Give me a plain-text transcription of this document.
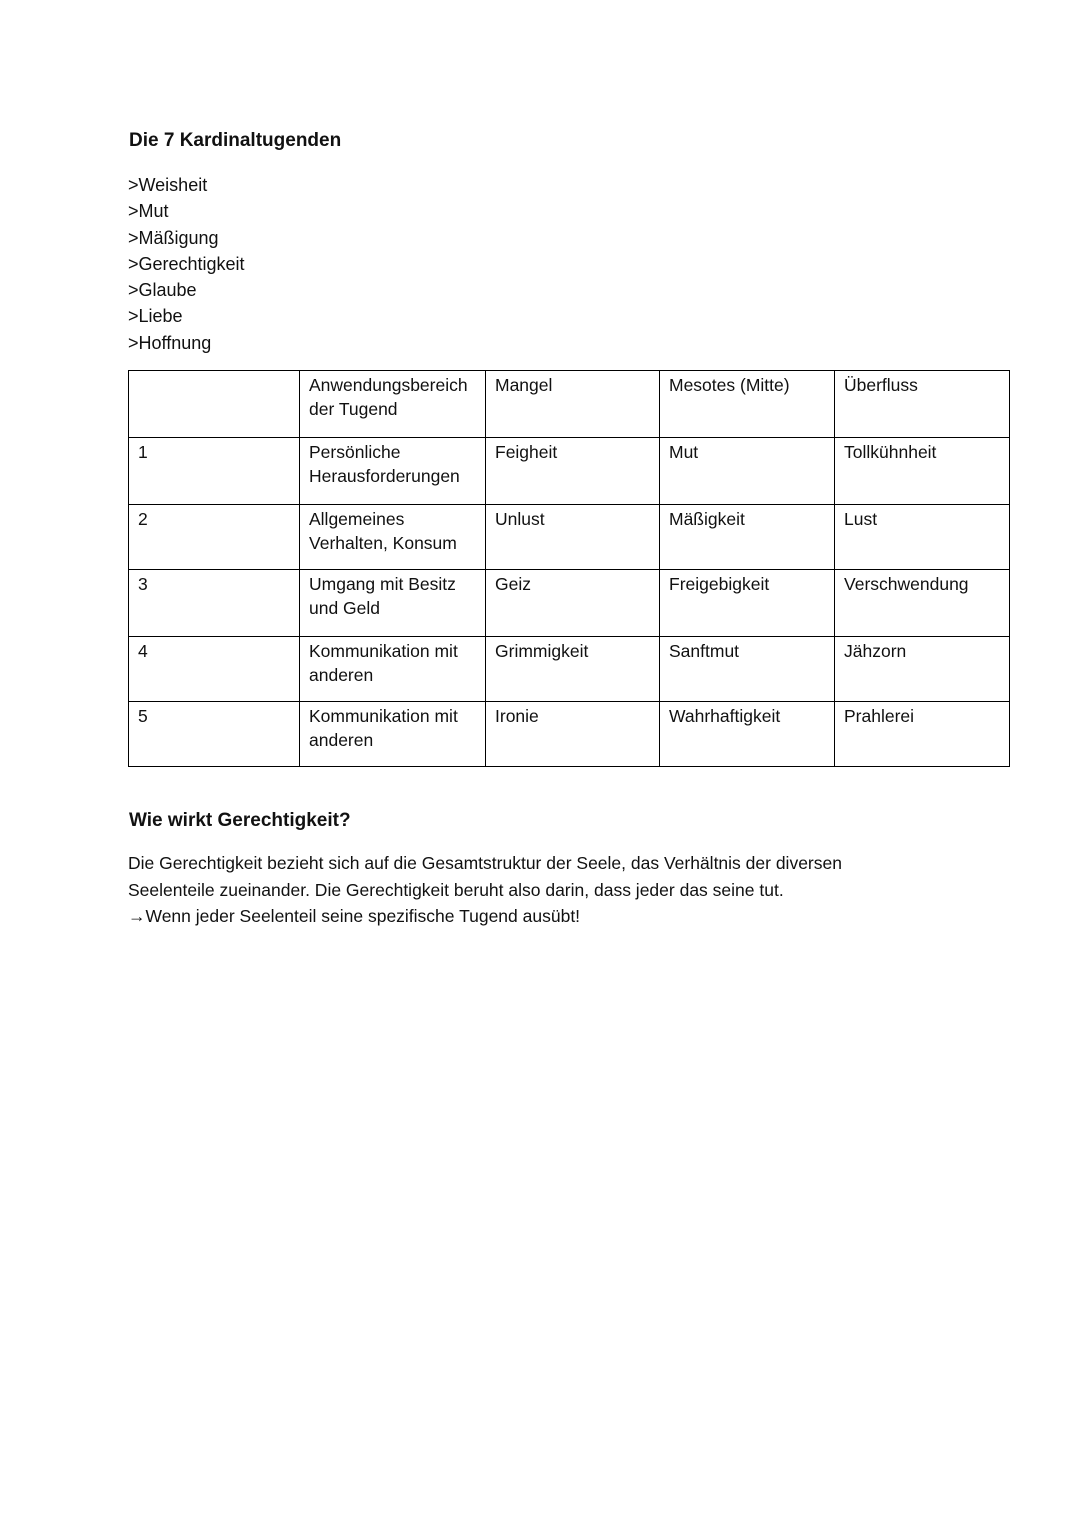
Die 7 Kardinaltugenden
>Weisheit
>Mut
>Mäßigung
>Gerechtigkeit
>Glaube
>Liebe
>Hoffnung
	Anwendungsbereich der Tugend	Mangel	Mesotes (Mitte)	Überfluss
1	Persönliche Herausforderungen	Feigheit	Mut	Tollkühnheit
2	Allgemeines Verhalten, Konsum	Unlust	Mäßigkeit	Lust
3	Umgang mit Besitz und Geld	Geiz	Freigebigkeit	Verschwendung
4	Kommunikation mit anderen	Grimmigkeit	Sanftmut	Jähzorn
5	Kommunikation mit anderen	Ironie	Wahrhaftigkeit	Prahlerei
Wie wirkt Gerechtigkeit?

Die Gerechtigkeit bezieht sich auf die Gesamtstruktur der Seele, das Verhältnis der diversen
Seelenteile zueinander. Die Gerechtigkeit beruht also darin, dass jeder das seine tut.
→Wenn jeder Seelenteil seine spezifische Tugend ausübt!
